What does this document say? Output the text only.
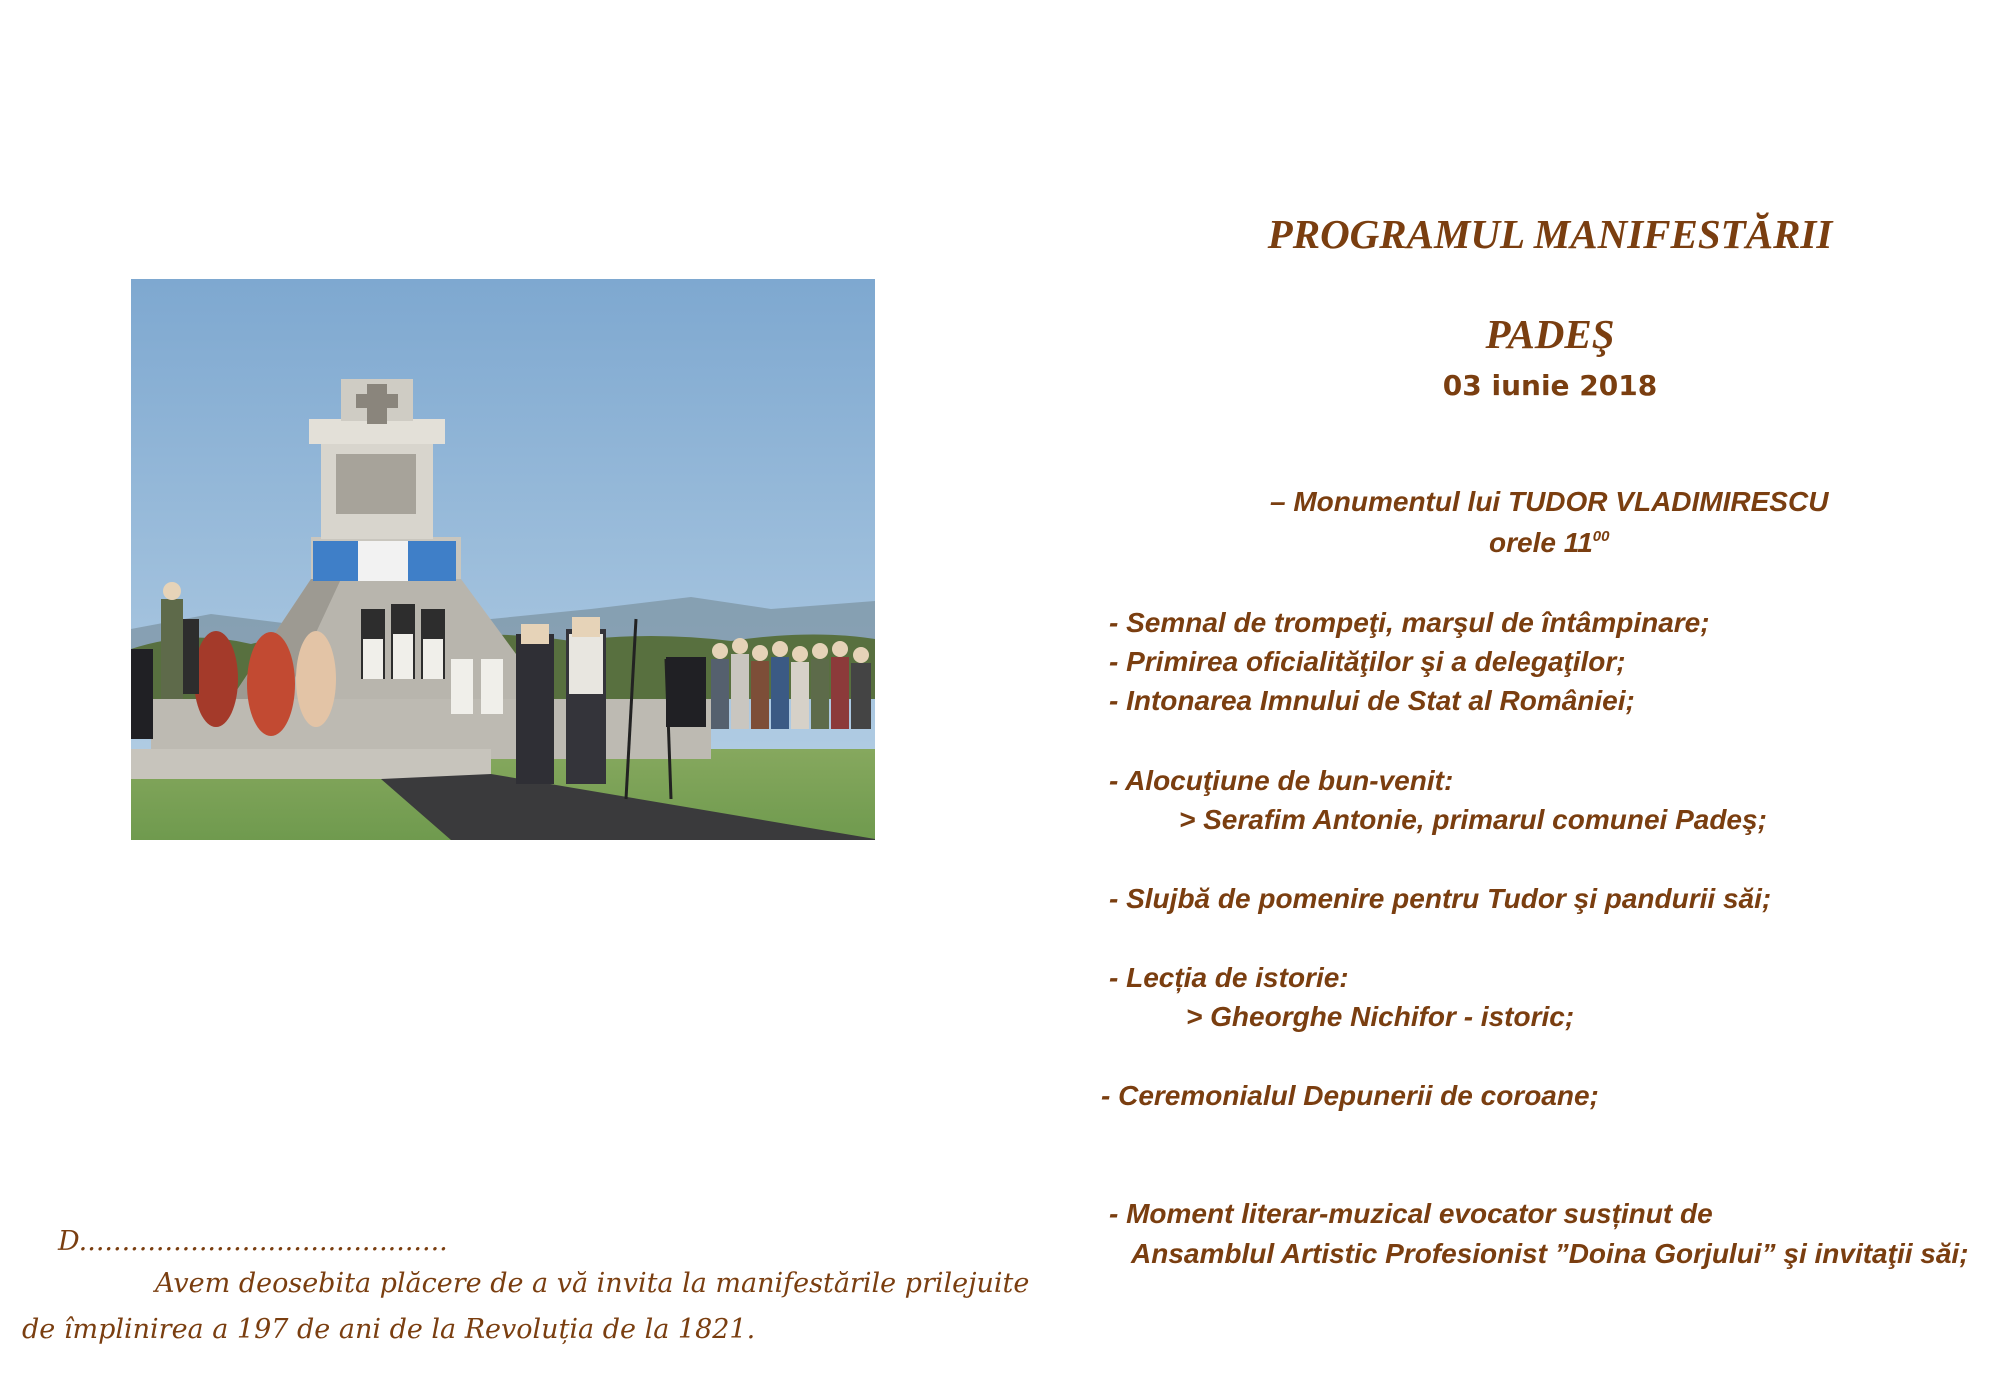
PROGRAMUL MANIFESTĂRII
PADEŞ
03 iunie 2018
– Monumentul lui TUDOR VLADIMIRESCU
orele $11^{00}$
- Semnal de trompeţi, marşul de întâmpinare;
- Primirea oficialităţilor şi a delegaţilor;
- Intonarea Imnului de Stat al României;
- Alocuţiune de bun-venit:
> Serafim Antonie, primarul comunei Padeş;
- Slujbă de pomenire pentru Tudor şi pandurii săi;
- Lecția de istorie:
> Gheorghe Nichifor - istoric;
- Ceremonialul Depunerii de coroane;
- Moment literar-muzical evocator susținut de
Ansamblul Artistic Profesionist ”Doina Gorjului” şi invitaţii săi;
D...........................................
Avem deosebita plăcere de a vă invita la manifestările prilejuite
de împlinirea a 197 de ani de la Revoluția de la 1821.
